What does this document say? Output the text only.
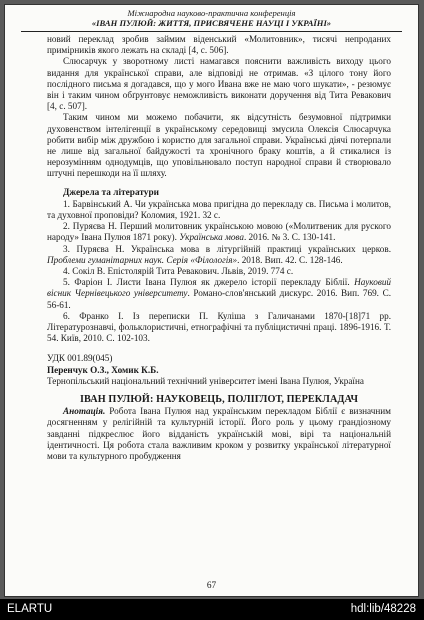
Міжнародна науково-практична конференція
«ІВАН ПУЛЮЙ: ЖИТТЯ, ПРИСВЯЧЕНЕ НАУЦІ І УКРАЇНІ»

новий переклад зробив займим віденський «Молитовник», тисячі непроданих примірників якого лежать на складі [4, с. 506].

Слюсарчук у зворотному листі намагався пояснити важливість виходу цього видання для української справи, але відповіді не отримав. «З цілого тону його послідного письма я догадався, що у мого Ивана вже не маю чого шукати», - резюмує він і таким чином обґрунтовує неможливість виконати доручення від Тита Ревакович [4, с. 507].

Таким чином ми можемо побачити, як відсутність безумовної підтримки духовенством інтелігенції в українському середовищі змусила Олексія Слюсарчука робити вибір між дружбою і користю для загальної справи. Українські діячі потерпали не лише від загальної байдужості та хронічного браку коштів, а й стикалися із нерозумінням однодумців, що уповільнювало поступ народної справи й створювало штучні перешкоди на її шляху.

Джерела та літератури
1. Барвінський А. Чи українська мова пригідна до перекладу св. Письма і молитов, та духовної проповіди? Коломия, 1921. 32 с.
2. Пуряєва Н. Перший молитовник українською мовою («Молитвеник для руского народу» Івана Пулюя 1871 року). Українська мова. 2016. № 3. С. 130-141.
3. Пуряєва Н. Українська мова в літургійній практиці українських церков. Проблеми гуманітарних наук. Серія «Філологія». 2018. Вип. 42. С. 128-146.
4. Сокіл В. Епістолярій Тита Ревакович. Львів, 2019. 774 с.
5. Фаріон І. Листи Івана Пулюя як джерело історії перекладу Біблії. Науковий вісник Чернівецького університету. Романо-слов'янський дискурс. 2016. Вип. 769. С. 56-61.
6. Франко І. Із переписки П. Куліша з Галичанами 1870-[18]71 рр. Літературознавчі, фольклористичні, етнографічні та публіцистичні праці. 1896-1916. Т. 54. Київ, 2010. С. 102-103.

УДК 001.89(045)

Перенчук О.З., Хомик К.Б.

Тернопільський національний технічний університет імені Івана Пулюя, Україна

ІВАН ПУЛЮЙ: НАУКОВЕЦЬ, ПОЛІГЛОТ, ПЕРЕКЛАДАЧ

Анотація. Робота Івана Пулюя над українським перекладом Біблії є визначним досягненням у релігійній та культурній історії. Його роль у цьому грандіозному завданні підкреслює його відданість українській мові, вірі та національній ідентичності. Ця робота стала важливим кроком у розвитку української літературної мови та культурного пробудження

67
ELARTU	hdl:lib/48228
